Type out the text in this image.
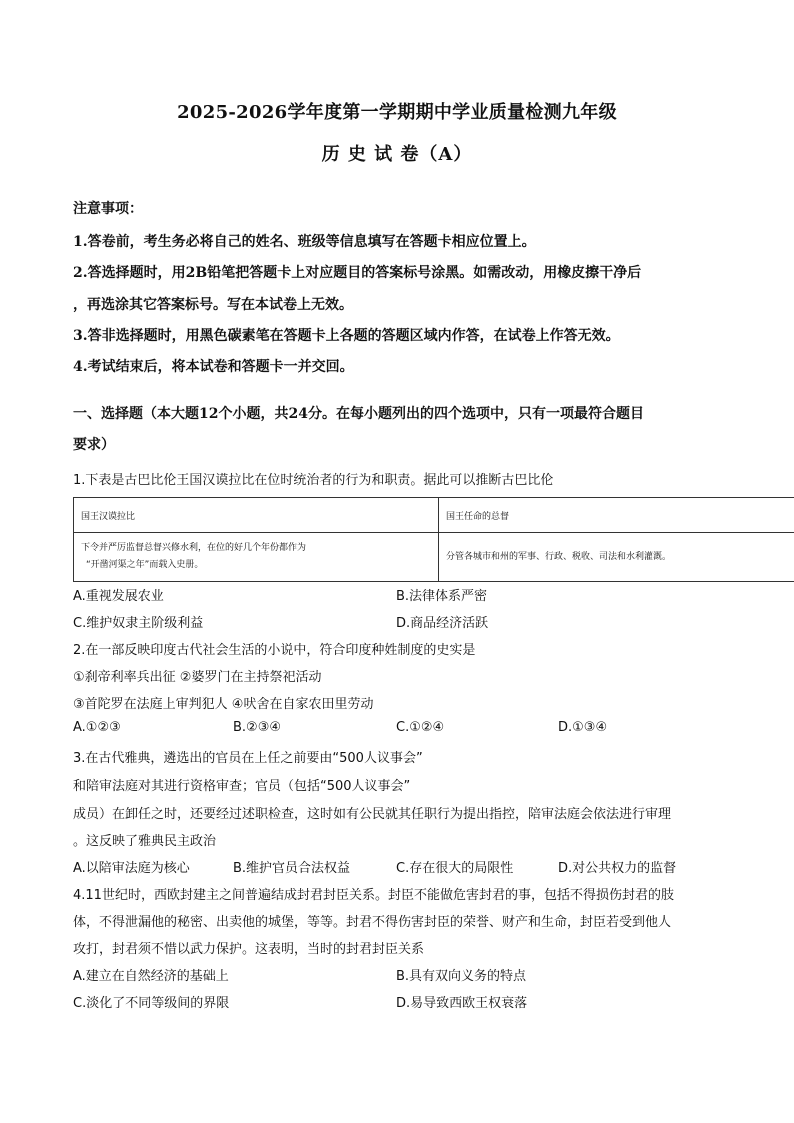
2025-2026学年度第一学期期中学业质量检测九年级
历 史 试 卷（A）
注意事项：
1.答卷前，考生务必将自己的姓名、班级等信息填写在答题卡相应位置上。
2.答选择题时，用2B铅笔把答题卡上对应题目的答案标号涂黑。如需改动，用橡皮擦干净后
，再选涂其它答案标号。写在本试卷上无效。
3.答非选择题时，用黑色碳素笔在答题卡上各题的答题区域内作答，在试卷上作答无效。
4.考试结束后，将本试卷和答题卡一并交回。
一、选择题（本大题12个小题，共24分。在每小题列出的四个选项中，只有一项最符合题目
要求）
1.下表是古巴比伦王国汉谟拉比在位时统治者的行为和职责。据此可以推断古巴比伦
国王汉谟拉比	国王任命的总督

下令并严厉监督总督兴修水利，在位的好几个年份都作为
“开凿河渠之年”而载入史册。	分管各城市和州的军事、行政、税收、司法和水利灌溉。
A.重视发展农业	B.法律体系严密
C.维护奴隶主阶级利益	D.商品经济活跃
2.在一部反映印度古代社会生活的小说中，符合印度种姓制度的史实是
①刹帝利率兵出征 ②婆罗门在主持祭祀活动
③首陀罗在法庭上审判犯人 ④吠舍在自家农田里劳动
A.①②③	B.②③④	C.①②④	D.①③④
3.在古代雅典，遴选出的官员在上任之前要由“500人议事会”
和陪审法庭对其进行资格审查；官员（包括“500人议事会”
成员）在卸任之时，还要经过述职检查，这时如有公民就其任职行为提出指控，陪审法庭会依法进行审理
。这反映了雅典民主政治
A.以陪审法庭为核心	B.维护官员合法权益	C.存在很大的局限性	D.对公共权力的监督
4.11世纪时，西欧封建主之间普遍结成封君封臣关系。封臣不能做危害封君的事，包括不得损伤封君的肢
体，不得泄漏他的秘密、出卖他的城堡，等等。封君不得伤害封臣的荣誉、财产和生命，封臣若受到他人
攻打，封君须不惜以武力保护。这表明，当时的封君封臣关系
A.建立在自然经济的基础上	B.具有双向义务的特点
C.淡化了不同等级间的界限	D.易导致西欧王权衰落
